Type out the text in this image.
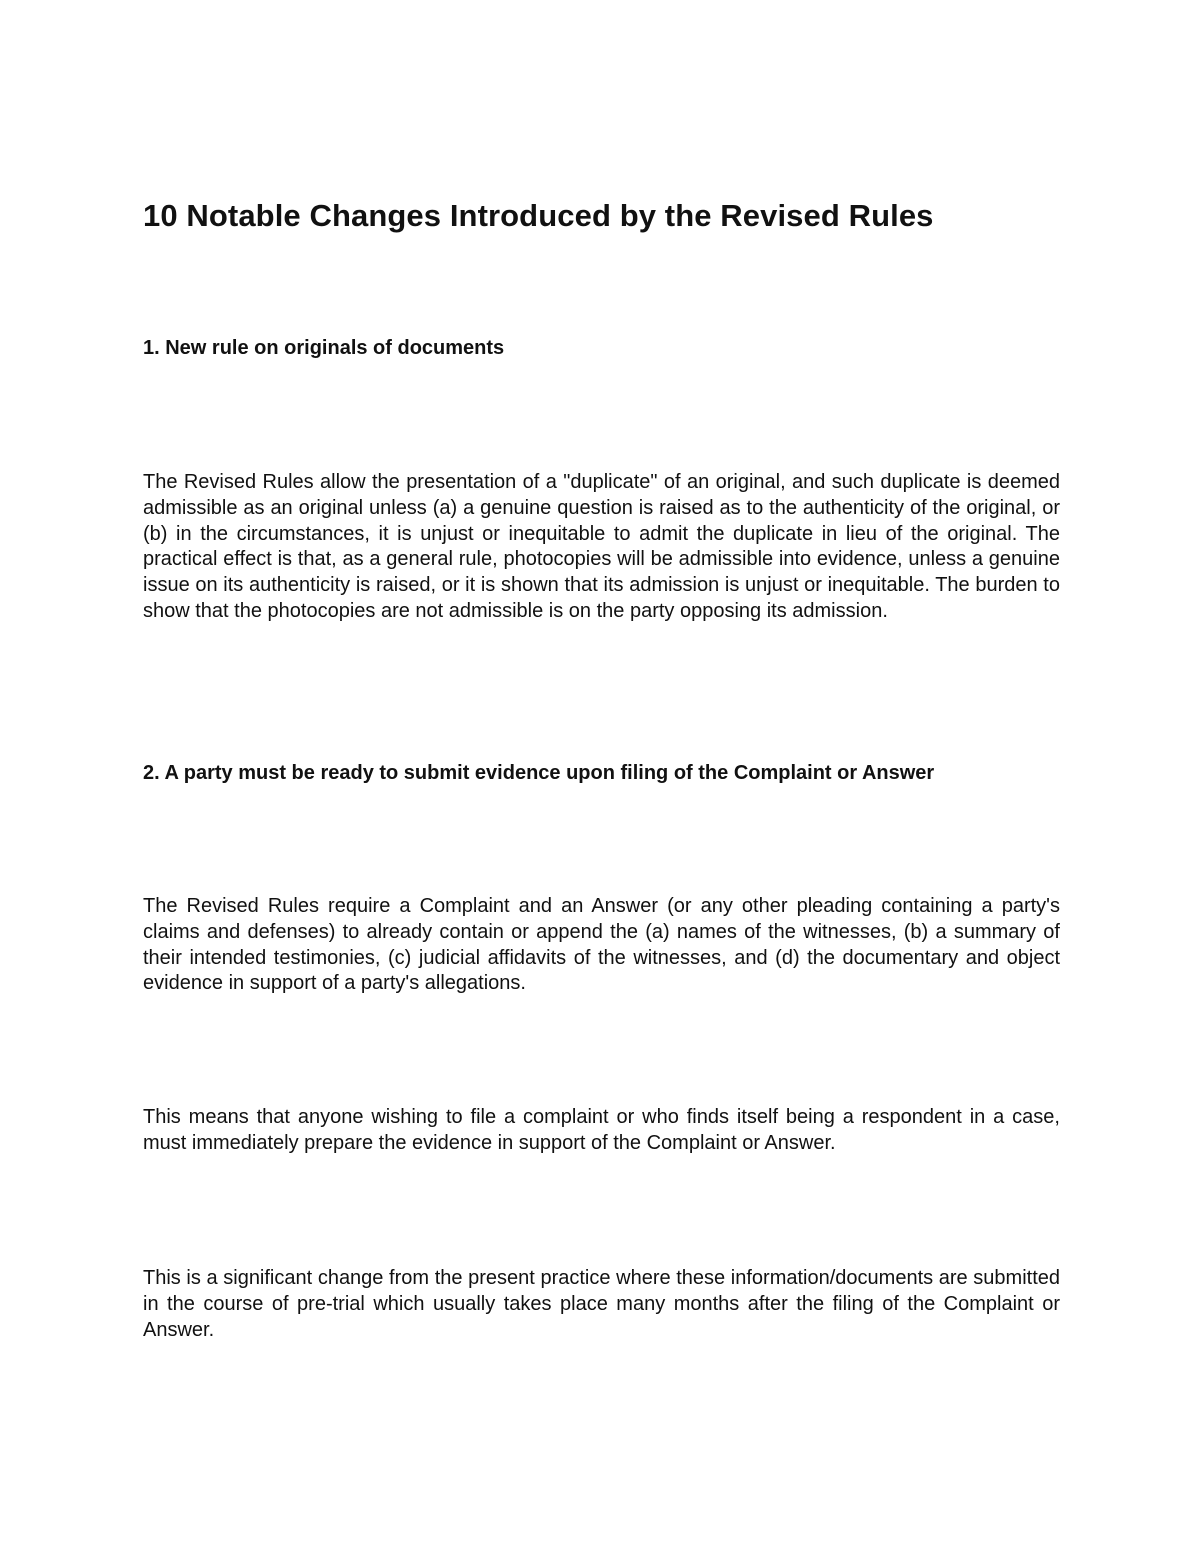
10 Notable Changes Introduced by the Revised Rules
1. New rule on originals of documents

The Revised Rules allow the presentation of a "duplicate" of an original, and such duplicate is deemed admissible as an original unless (a) a genuine question is raised as to the authenticity of the original, or (b) in the circumstances, it is unjust or inequitable to admit the duplicate in lieu of the original. The practical effect is that, as a general rule, photocopies will be admissible into evidence, unless a genuine issue on its authenticity is raised, or it is shown that its admission is unjust or inequitable. The burden to show that the photocopies are not admissible is on the party opposing its admission.

2. A party must be ready to submit evidence upon filing of the Complaint or Answer

The Revised Rules require a Complaint and an Answer (or any other pleading containing a party's claims and defenses) to already contain or append the (a) names of the witnesses, (b) a summary of their intended testimonies, (c) judicial affidavits of the witnesses, and (d) the documentary and object evidence in support of a party's allegations.

This means that anyone wishing to file a complaint or who finds itself being a respondent in a case, must immediately prepare the evidence in support of the Complaint or Answer.

This is a significant change from the present practice where these information/documents are submitted in the course of pre-trial which usually takes place many months after the filing of the Complaint or Answer.
